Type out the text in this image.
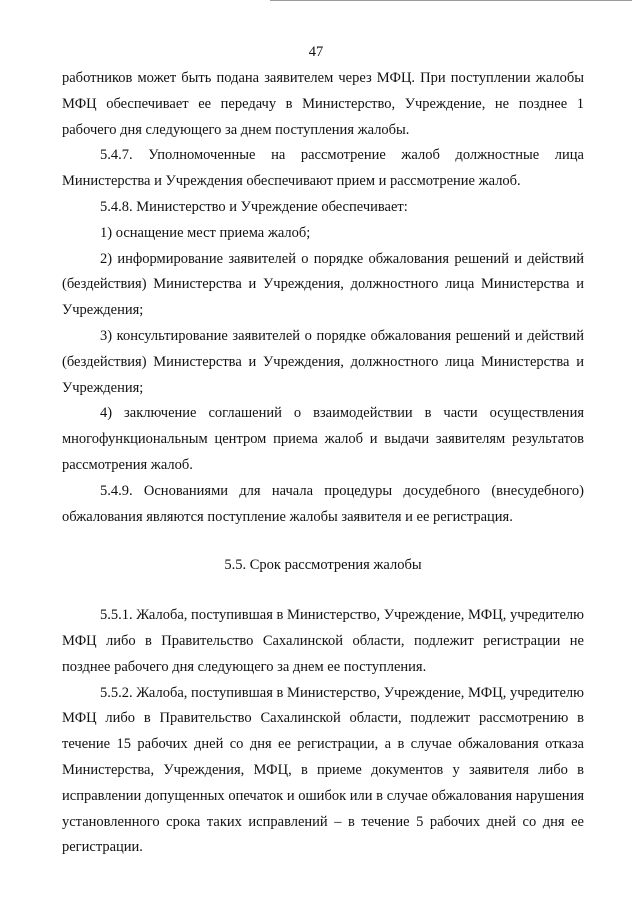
47

работников может быть подана заявителем через МФЦ. При поступлении жалобы МФЦ обеспечивает ее передачу в Министерство, Учреждение, не позднее 1 рабочего дня следующего за днем поступления жалобы.

5.4.7. Уполномоченные на рассмотрение жалоб должностные лица Министерства и Учреждения обеспечивают прием и рассмотрение жалоб.

5.4.8. Министерство и Учреждение обеспечивает:

1) оснащение мест приема жалоб;

2) информирование заявителей о порядке обжалования решений и действий (бездействия) Министерства и Учреждения, должностного лица Министерства и Учреждения;

3) консультирование заявителей о порядке обжалования решений и действий (бездействия) Министерства и Учреждения, должностного лица Министерства и Учреждения;

4) заключение соглашений о взаимодействии в части осуществления многофункциональным центром приема жалоб и выдачи заявителям результатов рассмотрения жалоб.

5.4.9. Основаниями для начала процедуры досудебного (внесудебного) обжалования являются поступление жалобы заявителя и ее регистрация.

5.5. Срок рассмотрения жалобы

5.5.1. Жалоба, поступившая в Министерство, Учреждение, МФЦ, учредителю МФЦ либо в Правительство Сахалинской области, подлежит регистрации не позднее рабочего дня следующего за днем ее поступления.

5.5.2. Жалоба, поступившая в Министерство, Учреждение, МФЦ, учредителю МФЦ либо в Правительство Сахалинской области, подлежит рассмотрению в течение 15 рабочих дней со дня ее регистрации, а в случае обжалования отказа Министерства, Учреждения, МФЦ, в приеме документов у заявителя либо в исправлении допущенных опечаток и ошибок или в случае обжалования нарушения установленного срока таких исправлений – в течение 5 рабочих дней со дня ее регистрации.
